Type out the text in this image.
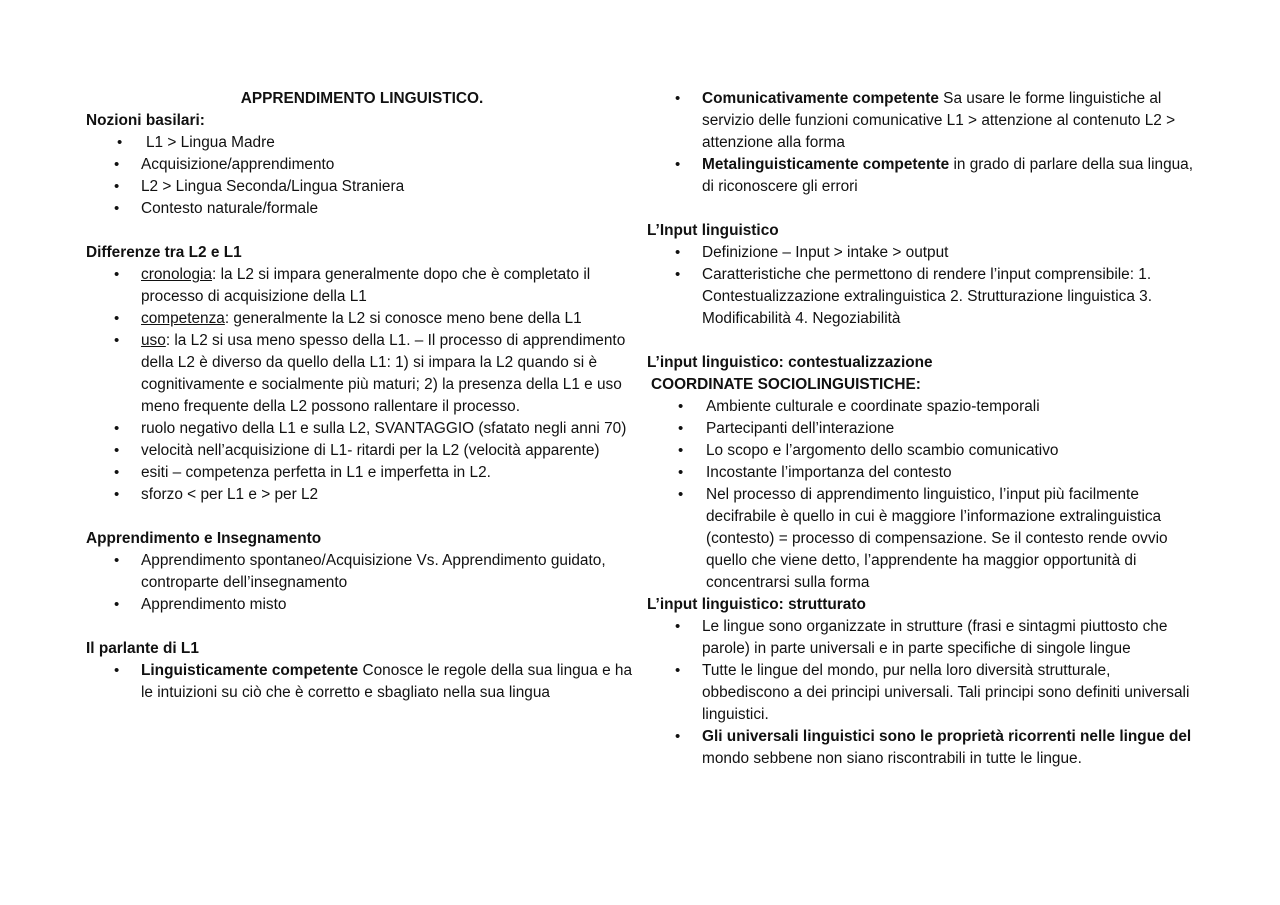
APPRENDIMENTO LINGUISTICO.
Nozioni basilari:
• L1 > Lingua Madre
• Acquisizione/apprendimento
• L2 > Lingua Seconda/Lingua Straniera
• Contesto naturale/formale
Differenze tra L2 e L1
• cronologia: la L2 si impara generalmente dopo che è completato il processo di acquisizione della L1
• competenza: generalmente la L2 si conosce meno bene della L1
• uso: la L2 si usa meno spesso della L1. – Il processo di apprendimento della L2 è diverso da quello della L1: 1) si impara la L2 quando si è cognitivamente e socialmente più maturi; 2) la presenza della L1 e uso meno frequente della L2 possono rallentare il processo.
• ruolo negativo della L1 e sulla L2, SVANTAGGIO (sfatato negli anni 70)
• velocità nell’acquisizione di L1- ritardi per la L2 (velocità apparente)
• esiti – competenza perfetta in L1 e imperfetta in L2.
• sforzo < per L1 e > per L2
Apprendimento e Insegnamento
• Apprendimento spontaneo/Acquisizione Vs. Apprendimento guidato, controparte dell’insegnamento
• Apprendimento misto
Il parlante di L1
• Linguisticamente competente Conosce le regole della sua lingua e ha le intuizioni su ciò che è corretto e sbagliato nella sua lingua
• Comunicativamente competente Sa usare le forme linguistiche al servizio delle funzioni comunicative L1 > attenzione al contenuto L2 > attenzione alla forma
• Metalinguisticamente competente in grado di parlare della sua lingua, di riconoscere gli errori
L’Input linguistico
• Definizione – Input > intake > output
• Caratteristiche che permettono di rendere l’input comprensibile: 1. Contestualizzazione extralinguistica 2. Strutturazione linguistica 3. Modificabilità 4. Negoziabilità
L’input linguistico: contestualizzazione
COORDINATE SOCIOLINGUISTICHE:
• Ambiente culturale e coordinate spazio-temporali
• Partecipanti dell’interazione
• Lo scopo e l’argomento dello scambio comunicativo
• Incostante l’importanza del contesto
• Nel processo di apprendimento linguistico, l’input più facilmente decifrabile è quello in cui è maggiore l’informazione extralinguistica (contesto) = processo di compensazione. Se il contesto rende ovvio quello che viene detto, l’apprendente ha maggior opportunità di concentrarsi sulla forma
L’input linguistico: strutturato
• Le lingue sono organizzate in strutture (frasi e sintagmi piuttosto che parole) in parte universali e in parte specifiche di singole lingue
• Tutte le lingue del mondo, pur nella loro diversità strutturale, obbediscono a dei principi universali. Tali principi sono definiti universali linguistici.
• Gli universali linguistici sono le proprietà ricorrenti nelle lingue del mondo sebbene non siano riscontrabili in tutte le lingue.
